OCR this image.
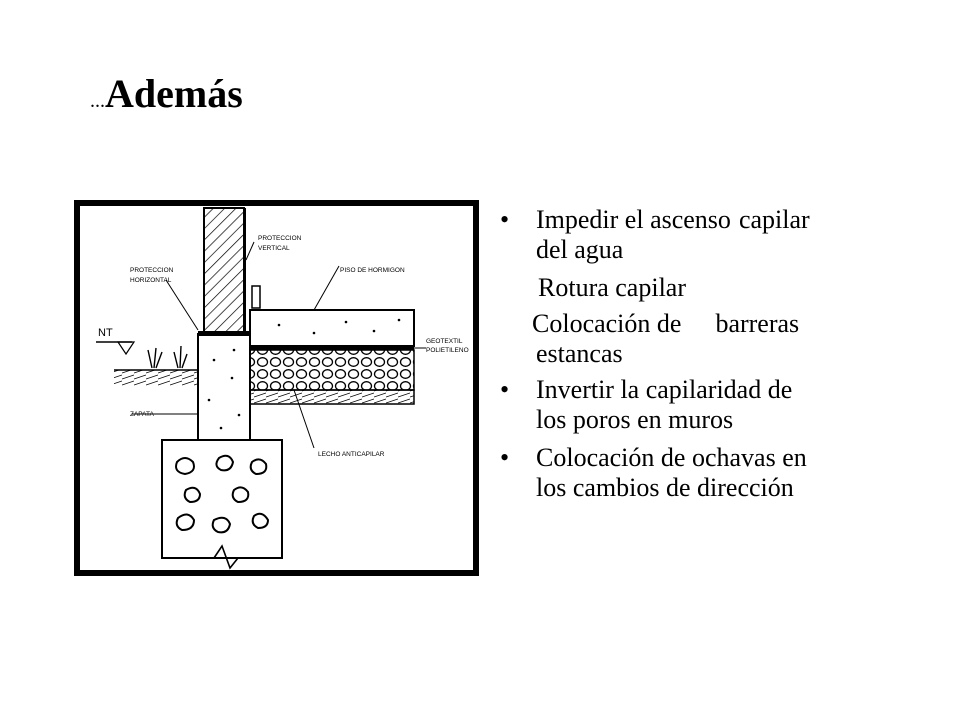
...Además
PROTECCION
VERTICAL
PROTECCION
HORIZONTAL
PISO DE HORMIGON
GEOTEXTIL
POLIETILENO
ZAPATA
LECHO ANTICAPILAR
NT
• Impedir el ascenso capilar
del agua
Rotura capilar
Colocación de barreras
estancas
• Invertir la capilaridad de
los poros en muros
• Colocación de ochavas en
los cambios de dirección
